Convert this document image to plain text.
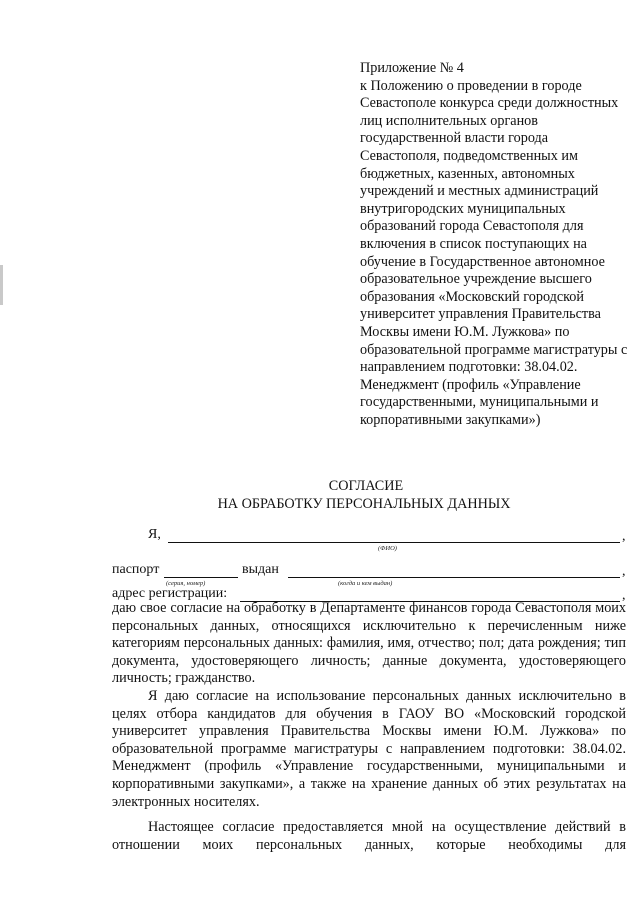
Приложение № 4

к Положению о проведении в городе Севастополе конкурса среди должностных лиц исполнительных органов государственной власти города Севастополя, подведомственных им бюджетных, казенных, автономных учреждений и местных администраций внутригородских муниципальных образований города Севастополя для включения в список поступающих на обучение в Государственное автономное образовательное учреждение высшего образования «Московский городской университет управления Правительства Москвы имени Ю.М. Лужкова» по образовательной программе магистратуры с направлением подготовки: 38.04.02. Менеджмент (профиль «Управление государственными, муниципальными и корпоративными закупками»)

СОГЛАСИЕ
НА ОБРАБОТКУ ПЕРСОНАЛЬНЫХ ДАННЫХ
Я,
(ФИО)
,
паспорт
(серия, номер)
выдан
(когда и кем выдан)
,
адрес регистрации:	,

даю свое согласие на обработку в Департаменте финансов города Севастополя моих персональных данных, относящихся исключительно к перечисленным ниже категориям персональных данных: фамилия, имя, отчество; пол; дата рождения; тип документа, удостоверяющего личность; данные документа, удостоверяющего личность; гражданство.

Я даю согласие на использование персональных данных исключительно в целях отбора кандидатов для обучения в ГАОУ ВО «Московский городской университет управления Правительства Москвы имени Ю.М. Лужкова» по образовательной программе магистратуры с направлением подготовки: 38.04.02. Менеджмент (профиль «Управление государственными, муниципальными и корпоративными закупками», а также на хранение данных об этих результатах на электронных носителях.

Настоящее согласие предоставляется мной на осуществление действий в отношении моих персональных данных, которые необходимы для
